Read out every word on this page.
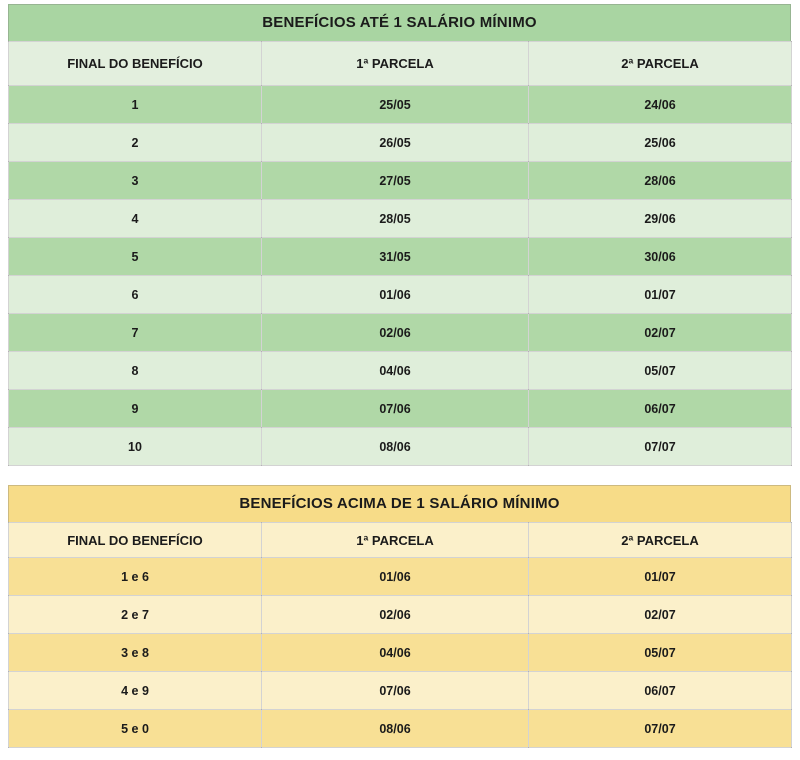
BENEFÍCIOS ATÉ 1 SALÁRIO MÍNIMO
FINAL DO BENEFÍCIO	1ª PARCELA	2ª PARCELA
1	25/05	24/06
2	26/05	25/06
3	27/05	28/06
4	28/05	29/06
5	31/05	30/06
6	01/06	01/07
7	02/06	02/07
8	04/06	05/07
9	07/06	06/07
10	08/06	07/07
BENEFÍCIOS ACIMA DE 1 SALÁRIO MÍNIMO
FINAL DO BENEFÍCIO	1ª PARCELA	2ª PARCELA
1 e 6	01/06	01/07
2 e 7	02/06	02/07
3 e 8	04/06	05/07
4 e 9	07/06	06/07
5 e 0	08/06	07/07
